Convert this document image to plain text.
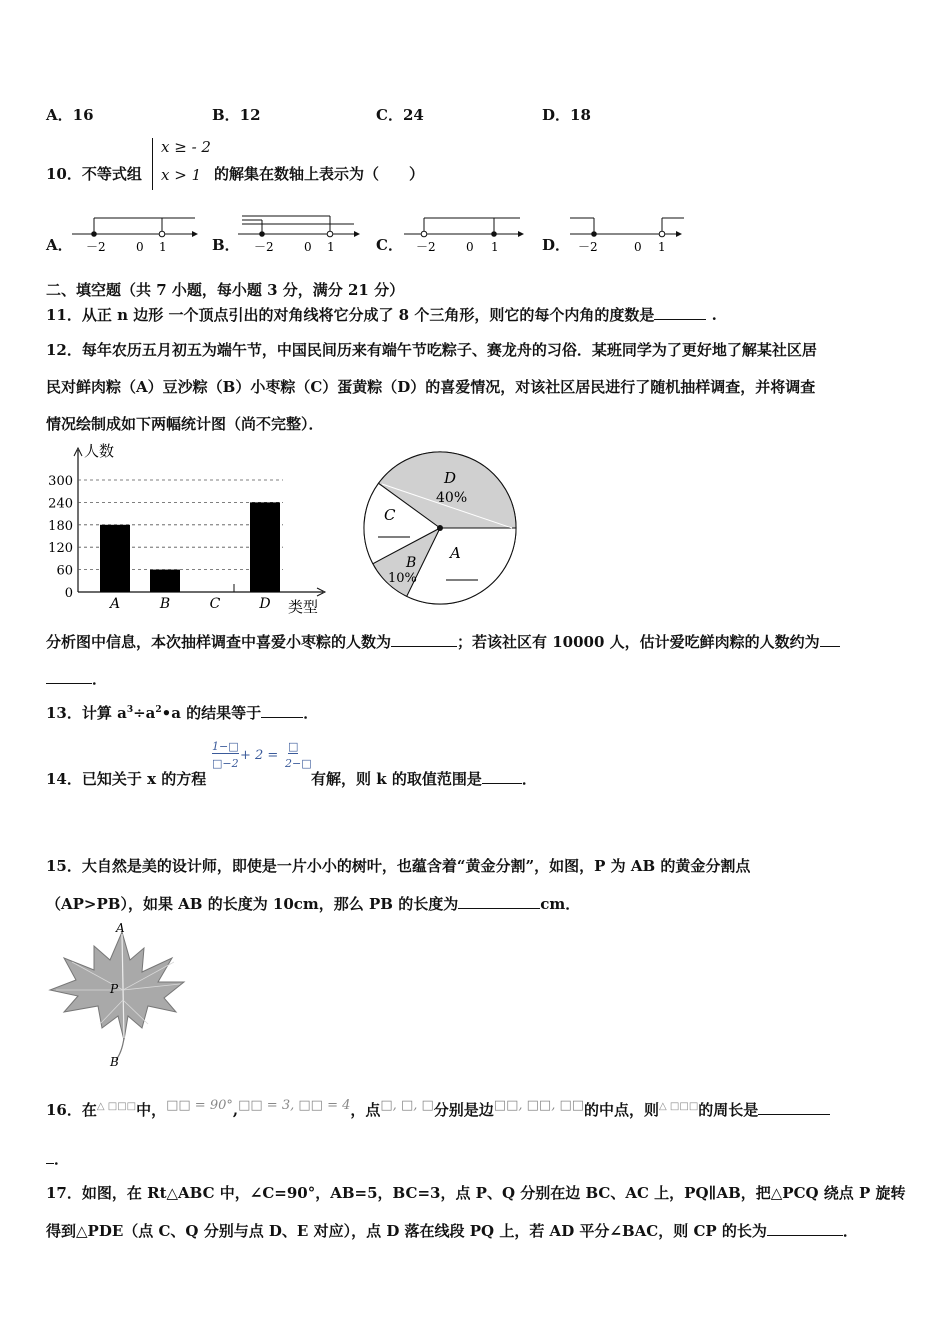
A．16	B．12	C．24	D．18
10．不等式组
x ≥ - 2
x > 1 的解集在数轴上表示为（　　）
A．	B．	C．	D．
－2	0 1	－2	0 1	－2	0 1	－2	0 1
二、填空题（共 7 小题，每小题 3 分，满分 21 分）
11．从正 n 边形 一个顶点引出的对角线将它分成了 8 个三角形，则它的每个内角的度数是	.
12．每年农历五月初五为端午节，中国民间历来有端午节吃粽子、赛龙舟的习俗．某班同学为了更好地了解某社区居
民对鲜肉粽（A）豆沙粽（B）小枣粽（C）蛋黄粽（D）的喜爱情况，对该社区居民进行了随机抽样调查，并将调查
情况绘制成如下两幅统计图（尚不完整）．
人数
类型
300
240
180
120
60
0
A	B	C	D
D
40%
A
C
B
10%
分析图中信息，本次抽样调查中喜爱小枣粽的人数为	；若该社区有 10000 人，估计爱吃鲜肉粽的人数约为
．
13．计算 $a^3\div a^2•a$ 的结果等于	．
14．已知关于 x 的方程
1−□
□−2
+ 2 =
□
2−□
有解，则 k 的取值范围是	．
15．大自然是美的设计师，即使是一片小小的树叶，也蕴含着“黄金分割”，如图，P 为 AB 的黄金分割点
（AP>PB），如果 AB 的长度为 10cm，那么 PB 的长度为	cm．
A
P
B
16．在△ □□□中，□□ = 90°,□□ = 3, □□ = 4，点□, □, □分别是边□□, □□, □□的中点，则△ □□□的周长是
．
17．如图，在 Rt△ABC 中，∠C=90°，AB=5，BC=3，点 P、Q 分别在边 BC、AC 上，PQ∥AB，把△PCQ 绕点 P 旋转
得到△PDE（点 C、Q 分别与点 D、E 对应），点 D 落在线段 PQ 上，若 AD 平分∠BAC，则 CP 的长为	．
